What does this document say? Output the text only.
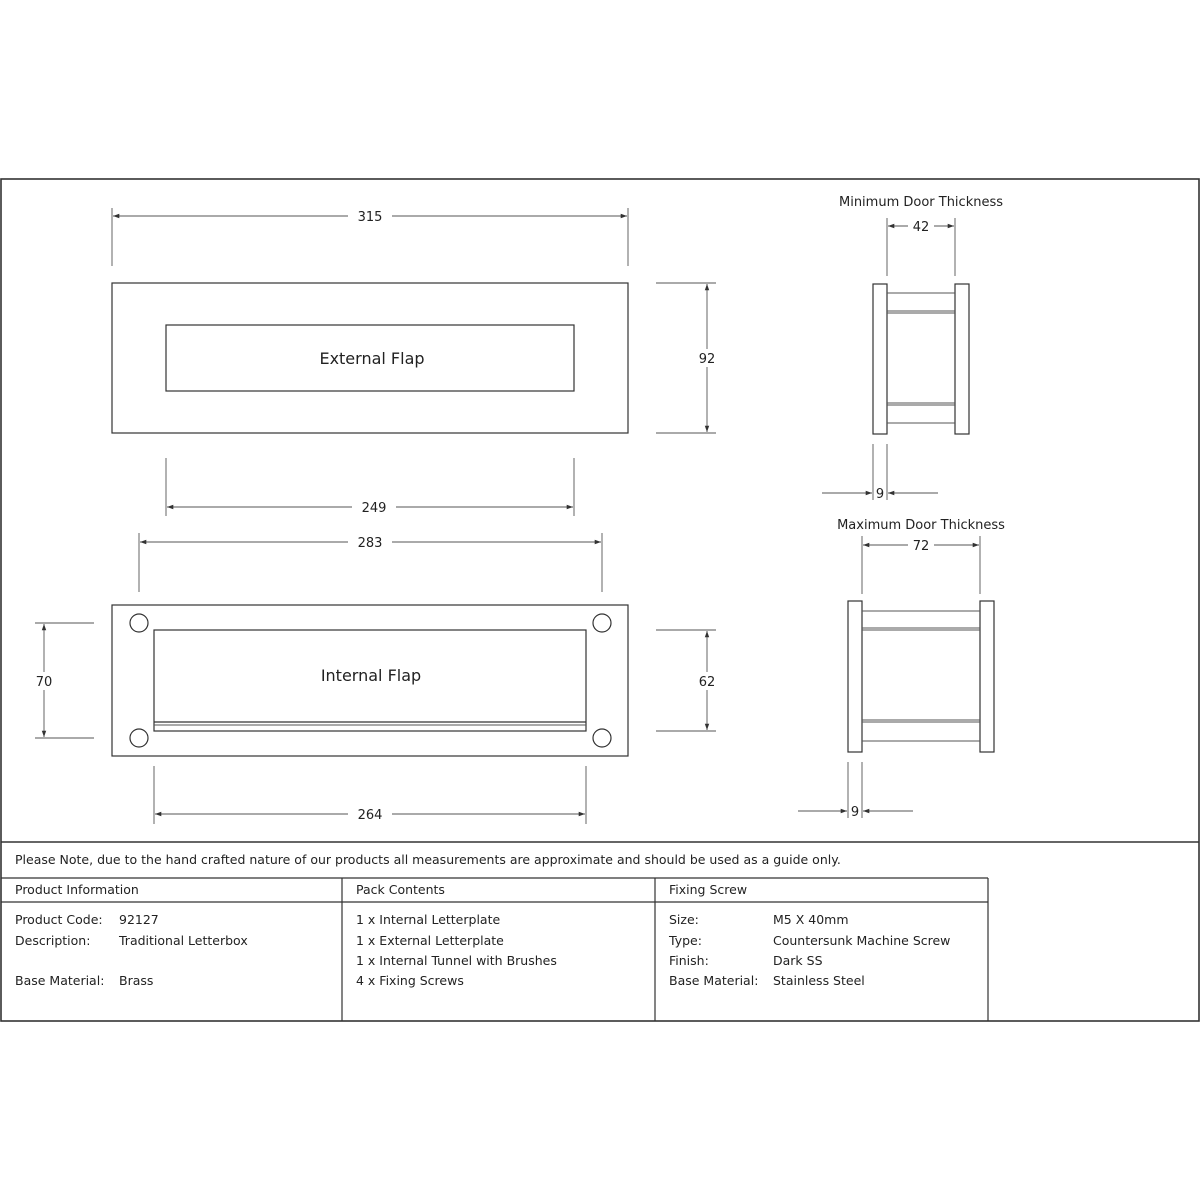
315
External Flap	92
249
283
Internal Flap
70	62
264
Minimum Door Thickness
42
9
Maximum Door Thickness
72
9
Please Note, due to the hand crafted nature of our products all measurements are approximate and should be used as a guide only.
Product Information	Pack Contents	Fixing Screw
Product Code: 92127
Description: Traditional Letterbox
Base Material: Brass
1 x Internal Letterplate
1 x External Letterplate
1 x Internal Tunnel with Brushes
4 x Fixing Screws
Size:	M5 X 40mm
Type:	Countersunk Machine Screw
Finish:	Dark SS
Base Material: Stainless Steel
